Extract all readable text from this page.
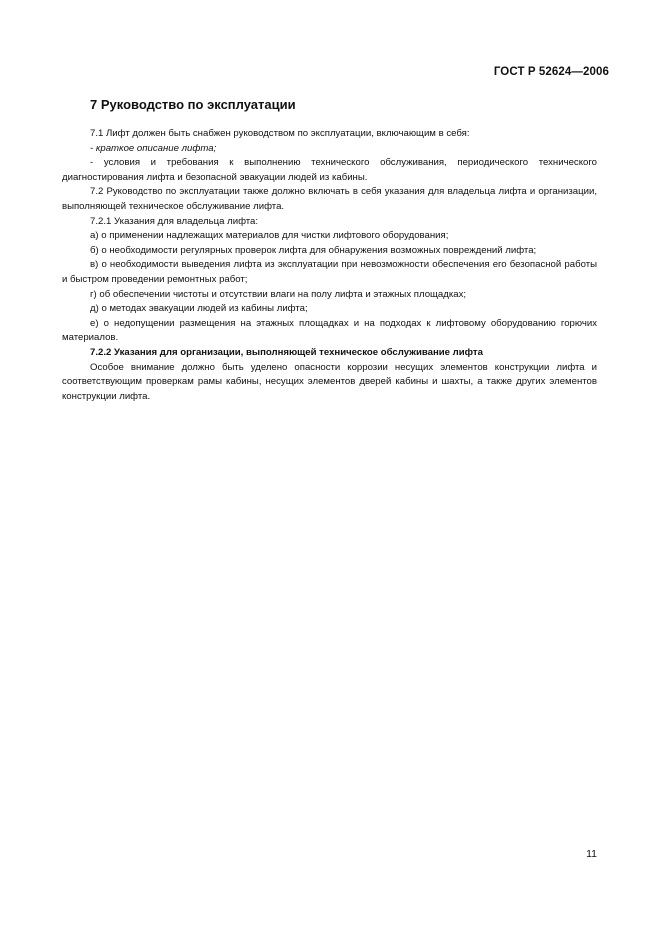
ГОСТ Р 52624—2006
7 Руководство по эксплуатации

7.1 Лифт должен быть снабжен руководством по эксплуатации, включающим в себя:

- краткое описание лифта;

- условия и требования к выполнению технического обслуживания, периодического технического диагностирования лифта и безопасной эвакуации людей из кабины.

7.2 Руководство по эксплуатации также должно включать в себя указания для владельца лифта и организации, выполняющей техническое обслуживание лифта.

7.2.1 Указания для владельца лифта:

а) о применении надлежащих материалов для чистки лифтового оборудования;

б) о необходимости регулярных проверок лифта для обнаружения возможных повреждений лифта;

в) о необходимости выведения лифта из эксплуатации при невозможности обеспечения его безопасной работы и быстром проведении ремонтных работ;

г) об обеспечении чистоты и отсутствии влаги на полу лифта и этажных площадках;

д) о методах эвакуации людей из кабины лифта;

е) о недопущении размещения на этажных площадках и на подходах к лифтовому оборудованию горючих материалов.

7.2.2 Указания для организации, выполняющей техническое обслуживание лифта

Особое внимание должно быть уделено опасности коррозии несущих элементов конструкции лифта и соответствующим проверкам рамы кабины, несущих элементов дверей кабины и шахты, а также других элементов конструкции лифта.

11
